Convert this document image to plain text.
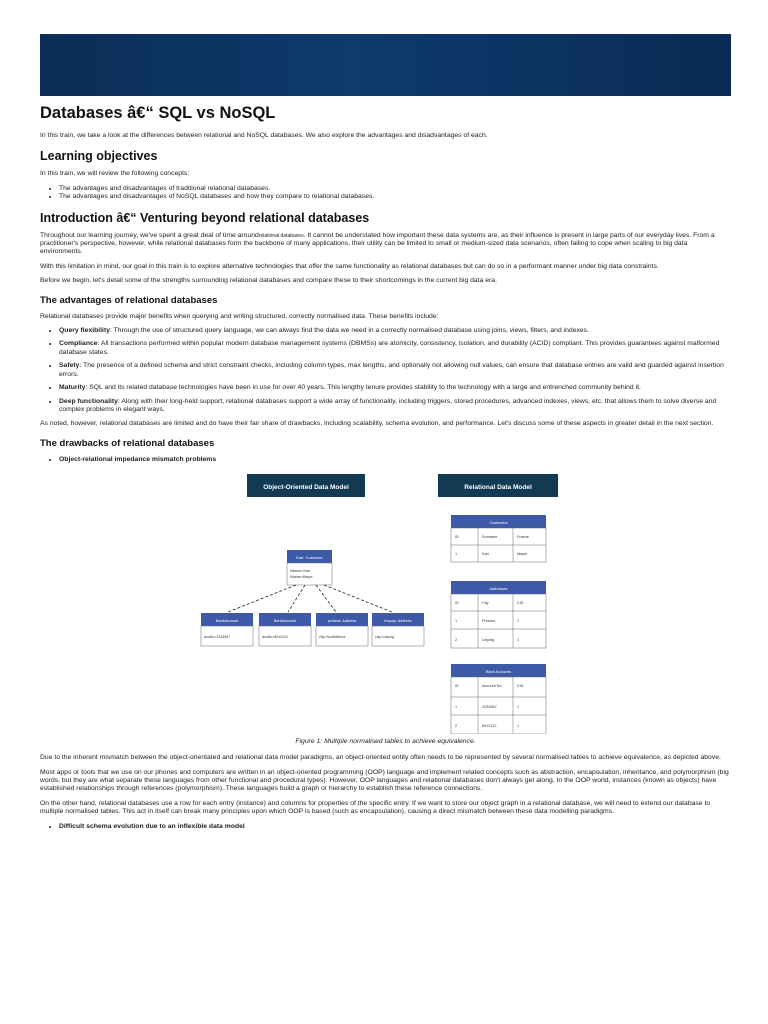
Databases â€“ SQL vs NoSQL

In this train, we take a look at the differences between relational and NoSQL databases. We also explore the advantages and disadvantages of each.

Learning objectives

In this train, we will review the following concepts:

• The advantages and disadvantages of traditional relational databases.
• The advantages and disadvantages of NoSQL databases and how they compare to relational databases.
Introduction â€“ Venturing beyond relational databases

Throughout our learning journey, we've spent a great deal of time aroundrelational databases. It cannot be understated how important these data systems are, as their influence is present in large parts of our everyday lives. From a practitioner's perspective, however, while relational databases form the backbone of many applications, their utility can be limited to small or medium-sized data scenarios, often failing to cope when scaling to big data environments.

With this limitation in mind, our goal in this train is to explore alternative technologies that offer the same functionality as relational databases but can do so in a performant manner under big data constraints.

Before we begin, let's detail some of the strengths surrounding relational databases and compare these to their shortcomings in the current big data era.

The advantages of relational databases

Relational databases provide major benefits when querying and writing structured, correctly normalised data. These benefits include:

• Query flexibility: Through the use of structured query language, we can always find the data we need in a correctly normalised database using joins, views, filters, and indexes.
• Compliance: All transactions performed within popular modern database management systems (DBMSs) are atomicity, consistency, isolation, and durability (ACID) compliant. This provides guarantees against malformed database states.
• Safety: The presence of a defined schema and strict constraint checks, including column types, max lengths, and optionally not allowing null values, can ensure that database entries are valid and guarded against insertion errors.
• Maturity: SQL and its related database technologies have been in use for over 40 years. This lengthy tenure provides stability to the technology with a large and entrenched community behind it.
• Deep functionality: Along with their long-held support, relational databases support a wide array of functionality, including triggers, stored procedures, advanced indexes, views, etc. that allows them to solve diverse and complex problems in elegant ways.

As noted, however, relational databases are limited and do have their fair share of drawbacks, including scalability, schema evolution, and performance. Let's discuss some of these aspects in greater detail in the next section.

The drawbacks of relational databases
• Object-relational impedance mismatch problems
Object-Oriented Data Model	Relational Data Model
Karl: Customer
sName=Karl
fName=Meyer
BankAccount
accNo=1234567
BankAccount
accNo=8910112
prvtaria: Address
city=SouthAfrica
Inquay: Address
city=Leipzig
Customers
ID	Surname	Fname
1	Karl	Mayer
Addresses
ID	City	CID
1	Pretoria	1
2	Leipzig	1
Bank Accounts
ID	Account No	CID
1	1234567	1
2	8910112	1
Figure 1: Multiple normalised tables to achieve equivalence.

Due to the inherent mismatch between the object-orientated and relational data model paradigms, an object-oriented entity often needs to be represented by several normalised tables to achieve equivalence, as depicted above.

Most apps or tools that we use on our phones and computers are written in an object-oriented programming (OOP) language and implement related concepts such as abstraction, encapsulation, inheritance, and polymorphism (big words, but they are what separate these languages from other functional and procedural types). However, OOP languages and relational databases don't always get along. In the OOP world, instances (known as objects) have established relationships through references (polymorphism). These languages build a graph or hierarchy to establish these reference connections.

On the other hand, relational databases use a row for each entry (instance) and columns for properties of the specific entry. If we want to store our object graph in a relational database, we will need to extend our database to multiple normalised tables. This act in itself can break many principles upon which OOP is based (such as encapsulation), causing a direct mismatch between these data modelling paradigms.

• Difficult schema evolution due to an inflexible data model
